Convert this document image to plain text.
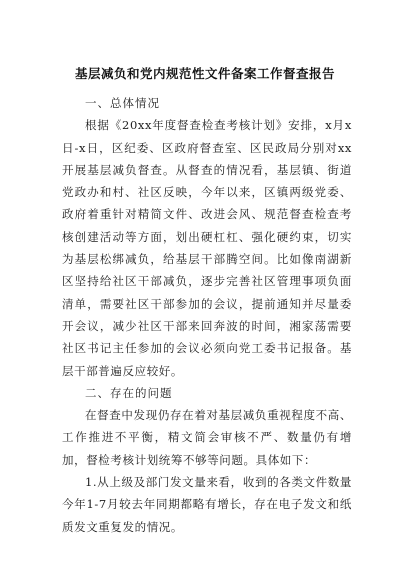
基层减负和党内规范性文件备案工作督查报告

一、总体情况

根据《20xx年度督查检查考核计划》安排，x月x日-x日，区纪委、区政府督查室、区民政局分别对xx开展基层减负督查。从督查的情况看，基层镇、街道党政办和村、社区反映，今年以来，区镇两级党委、政府着重针对精简文件、改进会风、规范督查检查考核创建活动等方面，划出硬杠杠、强化硬约束，切实为基层松绑减负，给基层干部腾空间。比如像南湖新区坚持给社区干部减负，逐步完善社区管理事项负面清单，需要社区干部参加的会议，提前通知并尽量委开会议，减少社区干部来回奔波的时间，湘家荡需要社区书记主任参加的会议必须向党工委书记报备。基层干部普遍反应较好。

二、存在的问题

在督查中发现仍存在着对基层减负重视程度不高、工作推进不平衡，精文简会审核不严、数量仍有增加，督检考核计划统筹不够等问题。具体如下：

1.从上级及部门发文量来看，收到的各类文件数量今年1-7月较去年同期都略有增长，存在电子发文和纸质发文重复发的情况。
